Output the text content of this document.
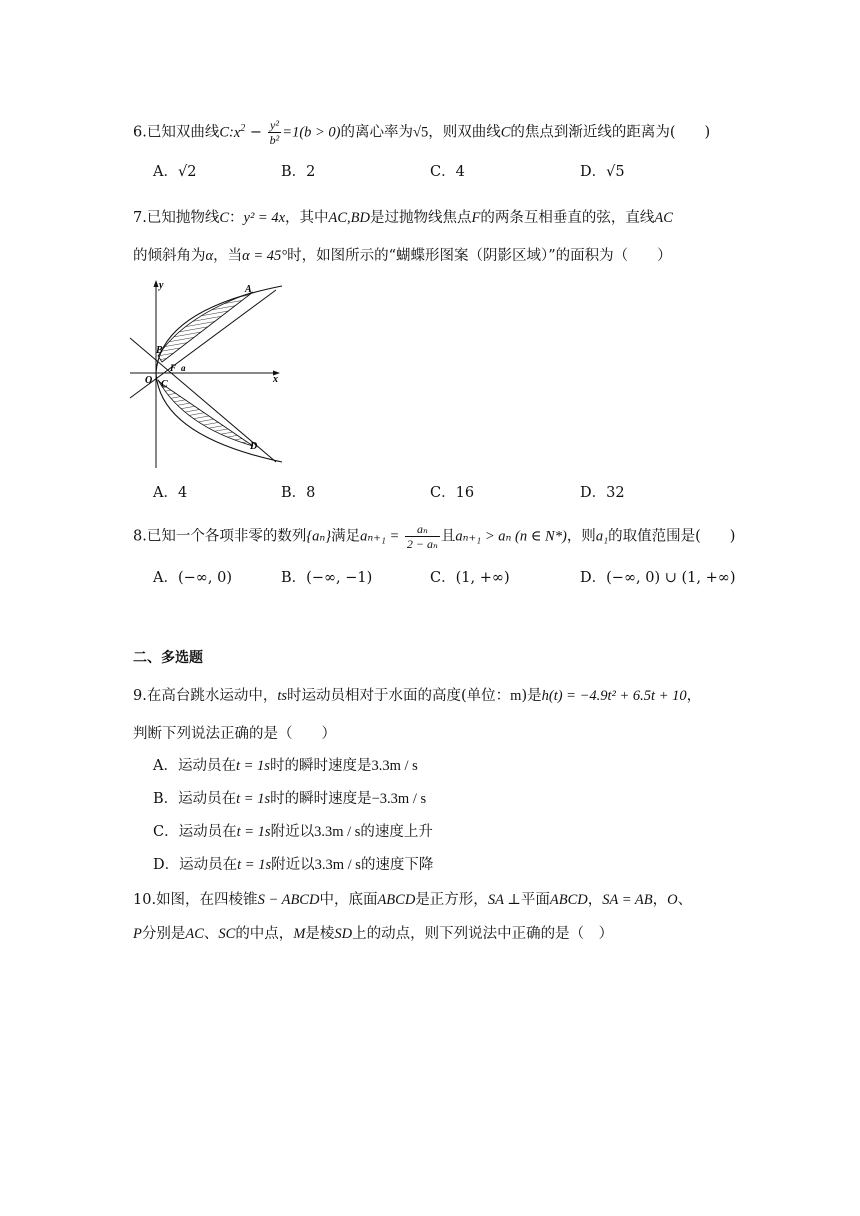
6.已知双曲线$C:x^2 - \frac{\text{y²}}{\text{b²}} =1(b > 0)$的离心率为√5，则双曲线C的焦点到渐近线的距离为(　　)
A．√2	B．2	C．4	D．√5
7.已知抛物线C：y² = 4x，其中AC,BD是过抛物线焦点F的两条互相垂直的弦，直线AC
的倾斜角为α，当α = 45°时，如图所示的“蝴蝶形图案（阴影区域）”的面积为（　　）
y
x
A
B
F a
O C
D
A．4	B．8	C．16	D．32
8.已知一个各项非零的数列{aₙ}满足$a_{n+1} = \frac{\text{aₙ}}{\text{2 − aₙ}}$ 且aₙ₊₁ > aₙ (n ∈ N*)，则a₁的取值范围是(　　)
A．(−∞, 0)	B．(−∞, −1)	C．(1, +∞)	D．(−∞, 0) ∪ (1, +∞)
二、多选题
9.在高台跳水运动中，ts时运动员相对于水面的高度(单位：m)是h(t) = −4.9t² + 6.5t + 10，
判断下列说法正确的是（　　）
A．运动员在t = 1s时的瞬时速度是3.3m / s
B．运动员在t = 1s时的瞬时速度是−3.3m / s
C．运动员在t = 1s附近以3.3m / s的速度上升
D．运动员在t = 1s附近以3.3m / s的速度下降
10.如图，在四棱锥S − ABCD中，底面ABCD是正方形，SA ⊥平面ABCD，SA = AB，O、
P分别是AC、SC的中点，M是棱SD上的动点，则下列说法中正确的是（　）
